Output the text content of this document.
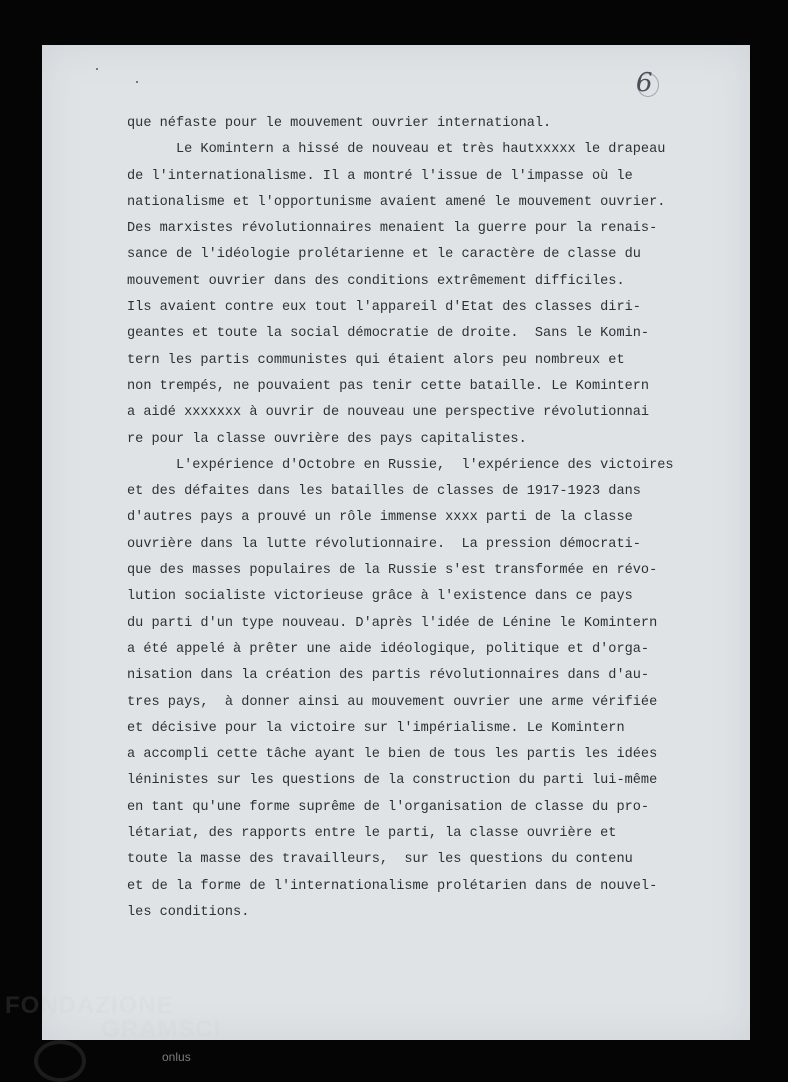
6
que néfaste pour le mouvement ouvrier international.
Le Komintern a hissé de nouveau et très hautxxxxx le drapeau
de l'internationalisme. Il a montré l'issue de l'impasse où le
nationalisme et l'opportunisme avaient amené le mouvement ouvrier.
Des marxistes révolutionnaires menaient la guerre pour la renais-
sance de l'idéologie prolétarienne et le caractère de classe du
mouvement ouvrier dans des conditions extrêmement difficiles.
Ils avaient contre eux tout l'appareil d'Etat des classes diri-
geantes et toute la social démocratie de droite.  Sans le Komin-
tern les partis communistes qui étaient alors peu nombreux et
non trempés, ne pouvaient pas tenir cette bataille. Le Komintern
a aidé xxxxxxx à ouvrir de nouveau une perspective révolutionnai
re pour la classe ouvrière des pays capitalistes.
L'expérience d'Octobre en Russie,  l'expérience des victoires
et des défaites dans les batailles de classes de 1917-1923 dans
d'autres pays a prouvé un rôle immense xxxx parti de la classe
ouvrière dans la lutte révolutionnaire.  La pression démocrati-
que des masses populaires de la Russie s'est transformée en révo-
lution socialiste victorieuse grâce à l'existence dans ce pays
du parti d'un type nouveau. D'après l'idée de Lénine le Komintern
a été appelé à prêter une aide idéologique, politique et d'orga-
nisation dans la création des partis révolutionnaires dans d'au-
tres pays,  à donner ainsi au mouvement ouvrier une arme vérifiée
et décisive pour la victoire sur l'impérialisme. Le Komintern
a accompli cette tâche ayant le bien de tous les partis les idées
léninistes sur les questions de la construction du parti lui-même
en tant qu'une forme suprême de l'organisation de classe du pro-
létariat, des rapports entre le parti, la classe ouvrière et
toute la masse des travailleurs,  sur les questions du contenu
et de la forme de l'internationalisme prolétarien dans de nouvel-
les conditions.
FONDAZIONE
GRAMSCI
onlus
